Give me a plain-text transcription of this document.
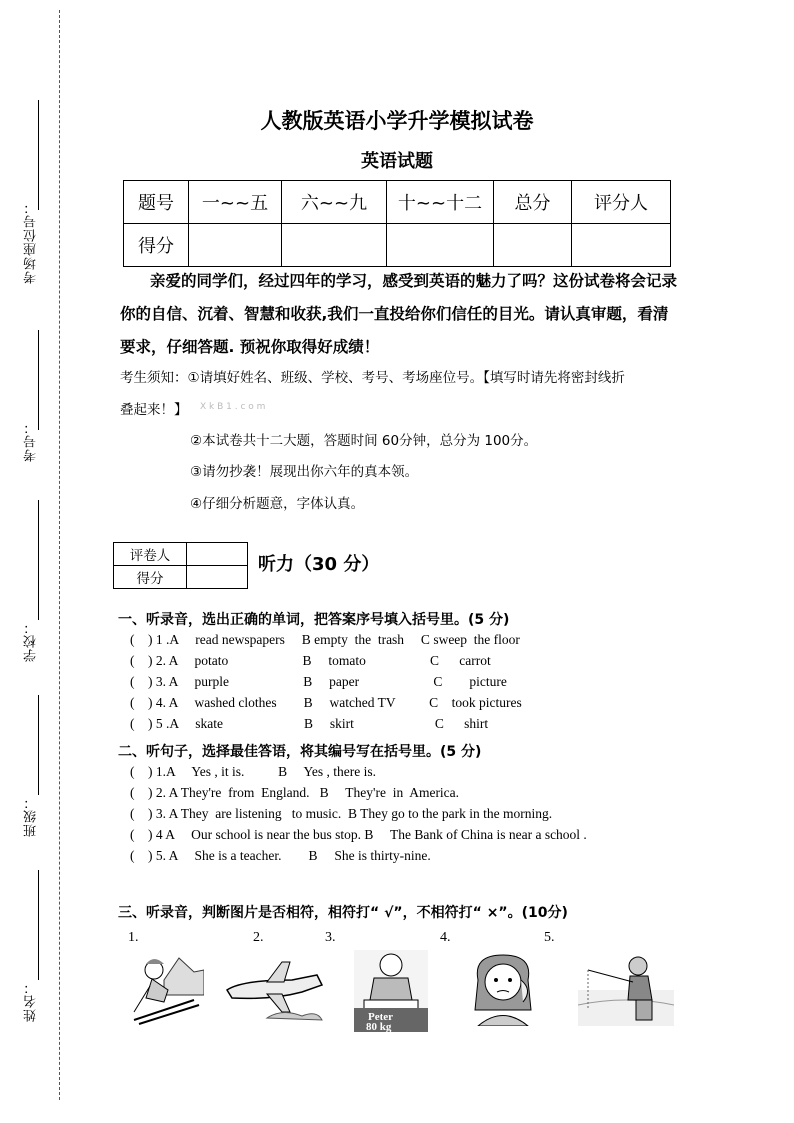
考场座位号：
考号：
学校：
班级：
姓名：
人教版英语小学升学模拟试卷
英语试题
题号	一~~五	六~~九	十~~十二	总分	评分人
得分					
亲爱的同学们，经过四年的学习，感受到英语的魅力了吗？这份试卷将会记录你的自信、沉着、智慧和收获,我们一直投给你们信任的目光。请认真审题，看清要求，仔细答题. 预祝你取得好成绩！
考生须知：①请填好姓名、班级、学校、考号、考场座位号。【填写时请先将密封线折
叠起来！】 X k B 1 . c o m
②本试卷共十二大题，答题时间 60分钟，总分为 100分。
③请勿抄袭！展现出你六年的真本领。
④仔细分析题意，字体认真。
评卷人	
得分	
听力（30 分）
一、听录音，选出正确的单词，把答案序号填入括号里。(5 分)
(    ) 1 .A     read newspapers     B empty  the  trash     C sweep  the floor
(    ) 2. A     potato                      B     tomato                   C      carrot
(    ) 3. A     purple                      B     paper                      C        picture
(    ) 4. A     washed clothes        B     watched TV          C    took pictures
(    ) 5 .A     skate                        B     skirt                        C      shirt
二、听句子，选择最佳答语，将其编号写在括号里。(5 分)
(    ) 1.A     Yes , it is.          B     Yes , there is.
(    ) 2. A They're  from  England.   B     They're  in  America.
(    ) 3. A They  are listening   to music.  B They go to the park in the morning.
(    ) 4 A     Our school is near the bus stop. B     The Bank of China is near a school .
(    ) 5. A     She is a teacher.        B     She is thirty-nine.
三、听录音，判断图片是否相符，相符打“ √”，不相符打“ ×”。(10分)
1.	2.	3.	4.	5.
Peter
80 kg
